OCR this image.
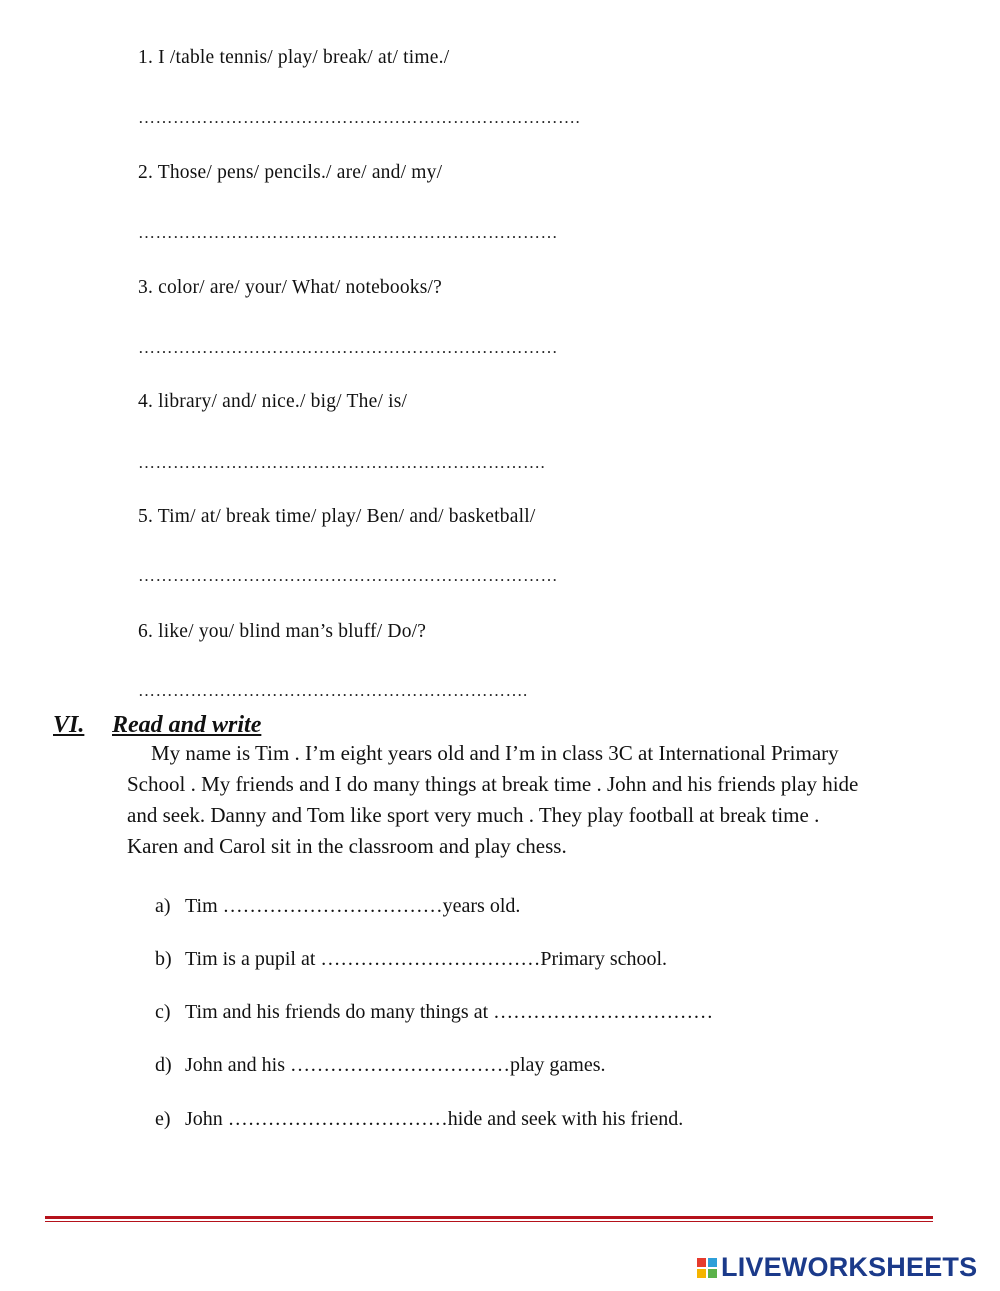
1. I /table tennis/ play/ break/ at/ time./
………………………………………………………………….
2. Those/ pens/ pencils./ are/ and/ my/
………………………………………………………………
3. color/ are/ your/ What/ notebooks/?
………………………………………………………………
4. library/ and/ nice./ big/ The/ is/
…………………………………………………………….
5. Tim/ at/ break time/ play/ Ben/ and/ basketball/
………………………………………………………………
6. like/ you/ blind man’s bluff/ Do/?
………………………………………………………….
VI. Read and write
My name is Tim . I’m eight years old and I’m in class 3C at International Primary School . My friends and I do many things at break time . John and his friends play hide and seek. Danny and Tom like sport very much . They play football at break time . Karen and Carol sit in the classroom and play chess.
a) Tim ……………………………years old.
b) Tim is a pupil at ……………………………Primary school.
c) Tim and his friends do many things at ……………………………
d) John and his ……………………………play games.
e) John ……………………………hide and seek with his friend.
LIVEWORKSHEETS
